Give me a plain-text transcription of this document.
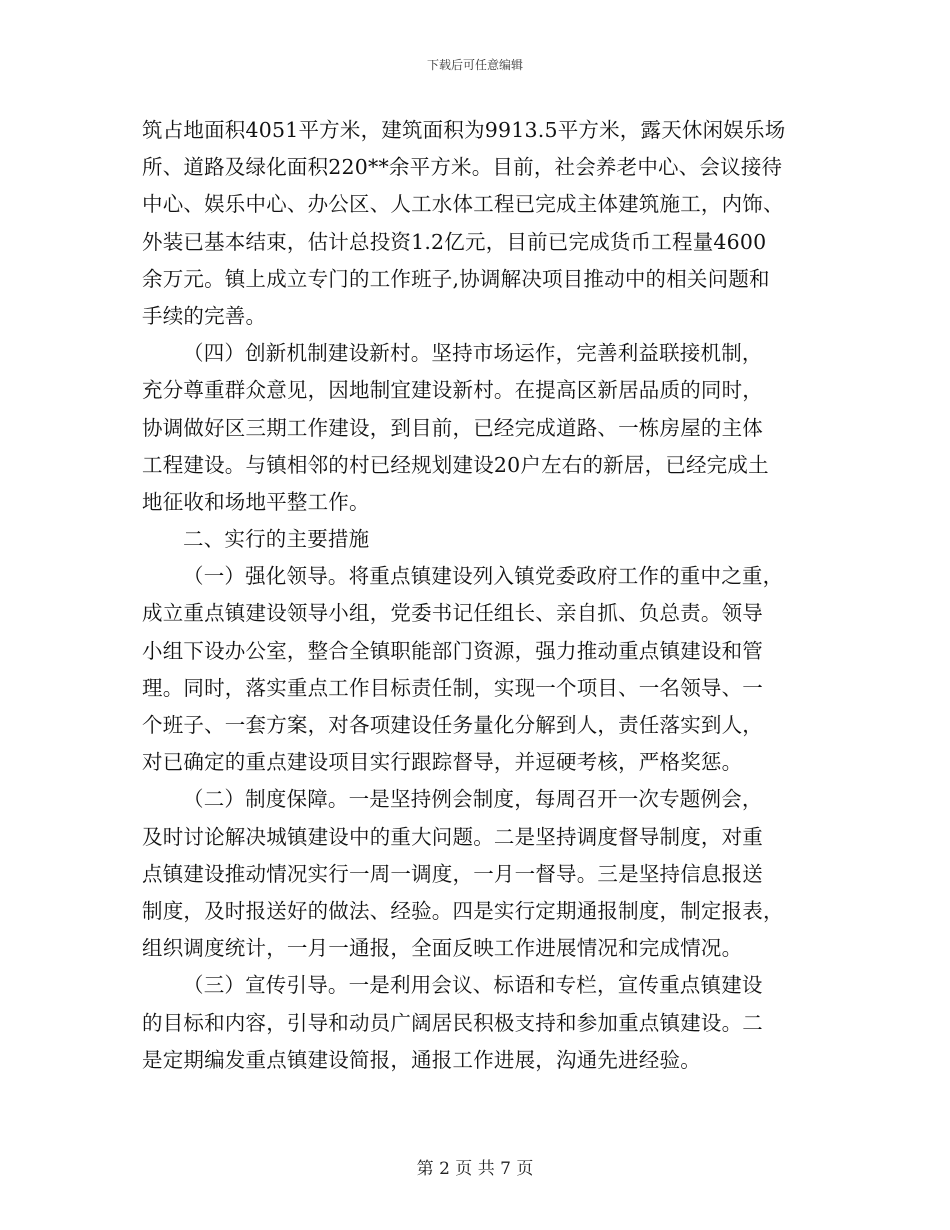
下载后可任意编辑
筑占地面积4051平方米，建筑面积为9913.5平方米，露天休闲娱乐场
所、道路及绿化面积220**余平方米。目前，社会养老中心、会议接待
中心、娱乐中心、办公区、人工水体工程已完成主体建筑施工，内饰、
外装已基本结束，估计总投资1.2亿元，目前已完成货币工程量4600
余万元。镇上成立专门的工作班子,协调解决项目推动中的相关问题和
手续的完善。
（四）创新机制建设新村。坚持市场运作，完善利益联接机制，
充分尊重群众意见，因地制宜建设新村。在提高区新居品质的同时，
协调做好区三期工作建设，到目前，已经完成道路、一栋房屋的主体
工程建设。与镇相邻的村已经规划建设20户左右的新居，已经完成土
地征收和场地平整工作。
二、实行的主要措施
（一）强化领导。将重点镇建设列入镇党委政府工作的重中之重，
成立重点镇建设领导小组，党委书记任组长、亲自抓、负总责。领导
小组下设办公室，整合全镇职能部门资源，强力推动重点镇建设和管
理。同时，落实重点工作目标责任制，实现一个项目、一名领导、一
个班子、一套方案，对各项建设任务量化分解到人，责任落实到人，
对已确定的重点建设项目实行跟踪督导，并逗硬考核，严格奖惩。
（二）制度保障。一是坚持例会制度，每周召开一次专题例会，
及时讨论解决城镇建设中的重大问题。二是坚持调度督导制度，对重
点镇建设推动情况实行一周一调度，一月一督导。三是坚持信息报送
制度，及时报送好的做法、经验。四是实行定期通报制度，制定报表，
组织调度统计，一月一通报，全面反映工作进展情况和完成情况。
（三）宣传引导。一是利用会议、标语和专栏，宣传重点镇建设
的目标和内容，引导和动员广阔居民积极支持和参加重点镇建设。二
是定期编发重点镇建设简报，通报工作进展，沟通先进经验。
第 2 页 共 7 页
